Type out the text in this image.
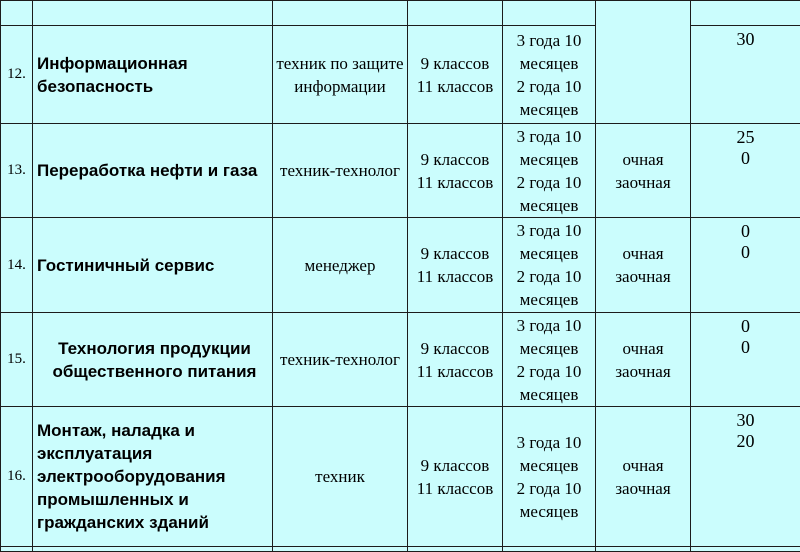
12.	Информационная безопасность	техник по защите информации	9 классов
11 классов	3 года 10
месяцев
2 года 10
месяцев		30

13.	Переработка нефти и газа	техник-технолог	9 классов
11 классов	3 года 10
месяцев
2 года 10
месяцев	очная
заочная	25
0

14.	Гостиничный сервис	менеджер	9 классов
11 классов	3 года 10
месяцев
2 года 10
месяцев	очная
заочная	0
0

15.	Технология продукции общественного питания	техник-технолог	9 классов
11 классов	3 года 10
месяцев
2 года 10
месяцев	очная
заочная	0
0

16.	Монтаж, наладка и эксплуатация электрооборудования промышленных и гражданских зданий	техник	9 классов
11 классов	3 года 10
месяцев
2 года 10
месяцев	очная
заочная	30
20
